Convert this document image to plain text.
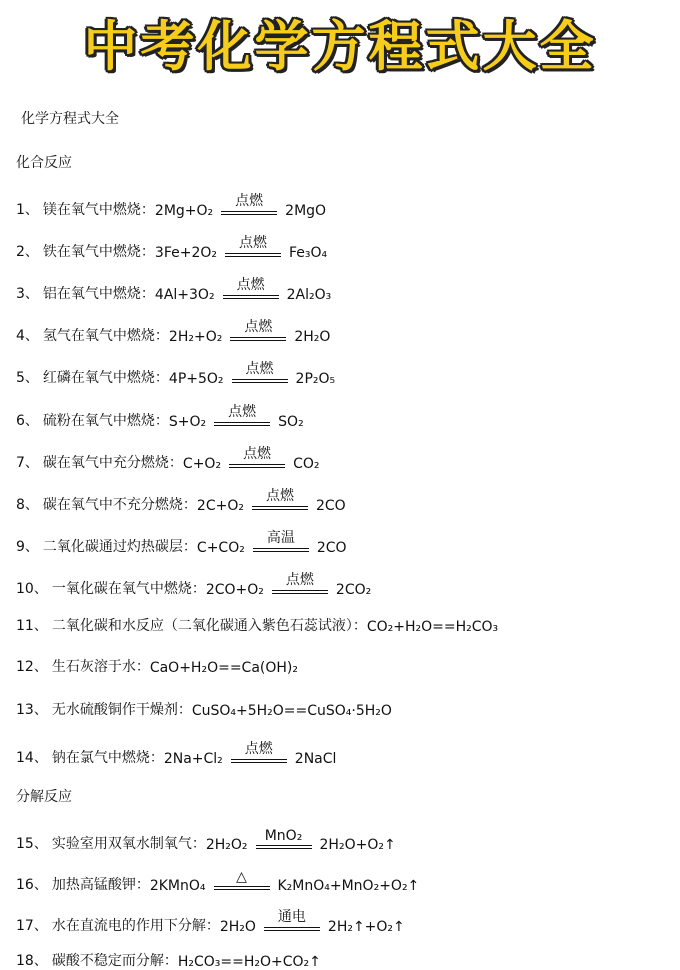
中考化学方程式大全
化学方程式大全
化合反应
分解反应
1、 镁在氧气中燃烧： 2Mg+O₂
点燃
2MgO
2、 铁在氧气中燃烧： 3Fe+2O₂
点燃
Fe₃O₄
3、 铝在氧气中燃烧： 4Al+3O₂
点燃
2Al₂O₃
4、 氢气在氧气中燃烧： 2H₂+O₂
点燃
2H₂O
5、 红磷在氧气中燃烧： 4P+5O₂
点燃
2P₂O₅
6、 硫粉在氧气中燃烧： S+O₂
点燃
SO₂
7、 碳在氧气中充分燃烧： C+O₂
点燃
CO₂
8、 碳在氧气中不充分燃烧： 2C+O₂
点燃
2CO
9、 二氧化碳通过灼热碳层： C+CO₂
高温
2CO
10、 一氧化碳在氧气中燃烧： 2CO+O₂
点燃
2CO₂
11、 二氧化碳和水反应（二氧化碳通入紫色石蕊试液）： CO₂+H₂O==H₂CO₃
12、 生石灰溶于水： CaO+H₂O==Ca(OH)₂
13、 无水硫酸铜作干燥剂： CuSO₄+5H₂O==CuSO₄·5H₂O
14、 钠在氯气中燃烧： 2Na+Cl₂
点燃
2NaCl
15、 实验室用双氧水制氧气： 2H₂O₂
MnO₂
2H₂O+O₂↑
16、 加热高锰酸钾： 2KMnO₄
△
K₂MnO₄+MnO₂+O₂↑
17、 水在直流电的作用下分解： 2H₂O
通电
2H₂↑+O₂↑
18、 碳酸不稳定而分解： H₂CO₃==H₂O+CO₂↑
